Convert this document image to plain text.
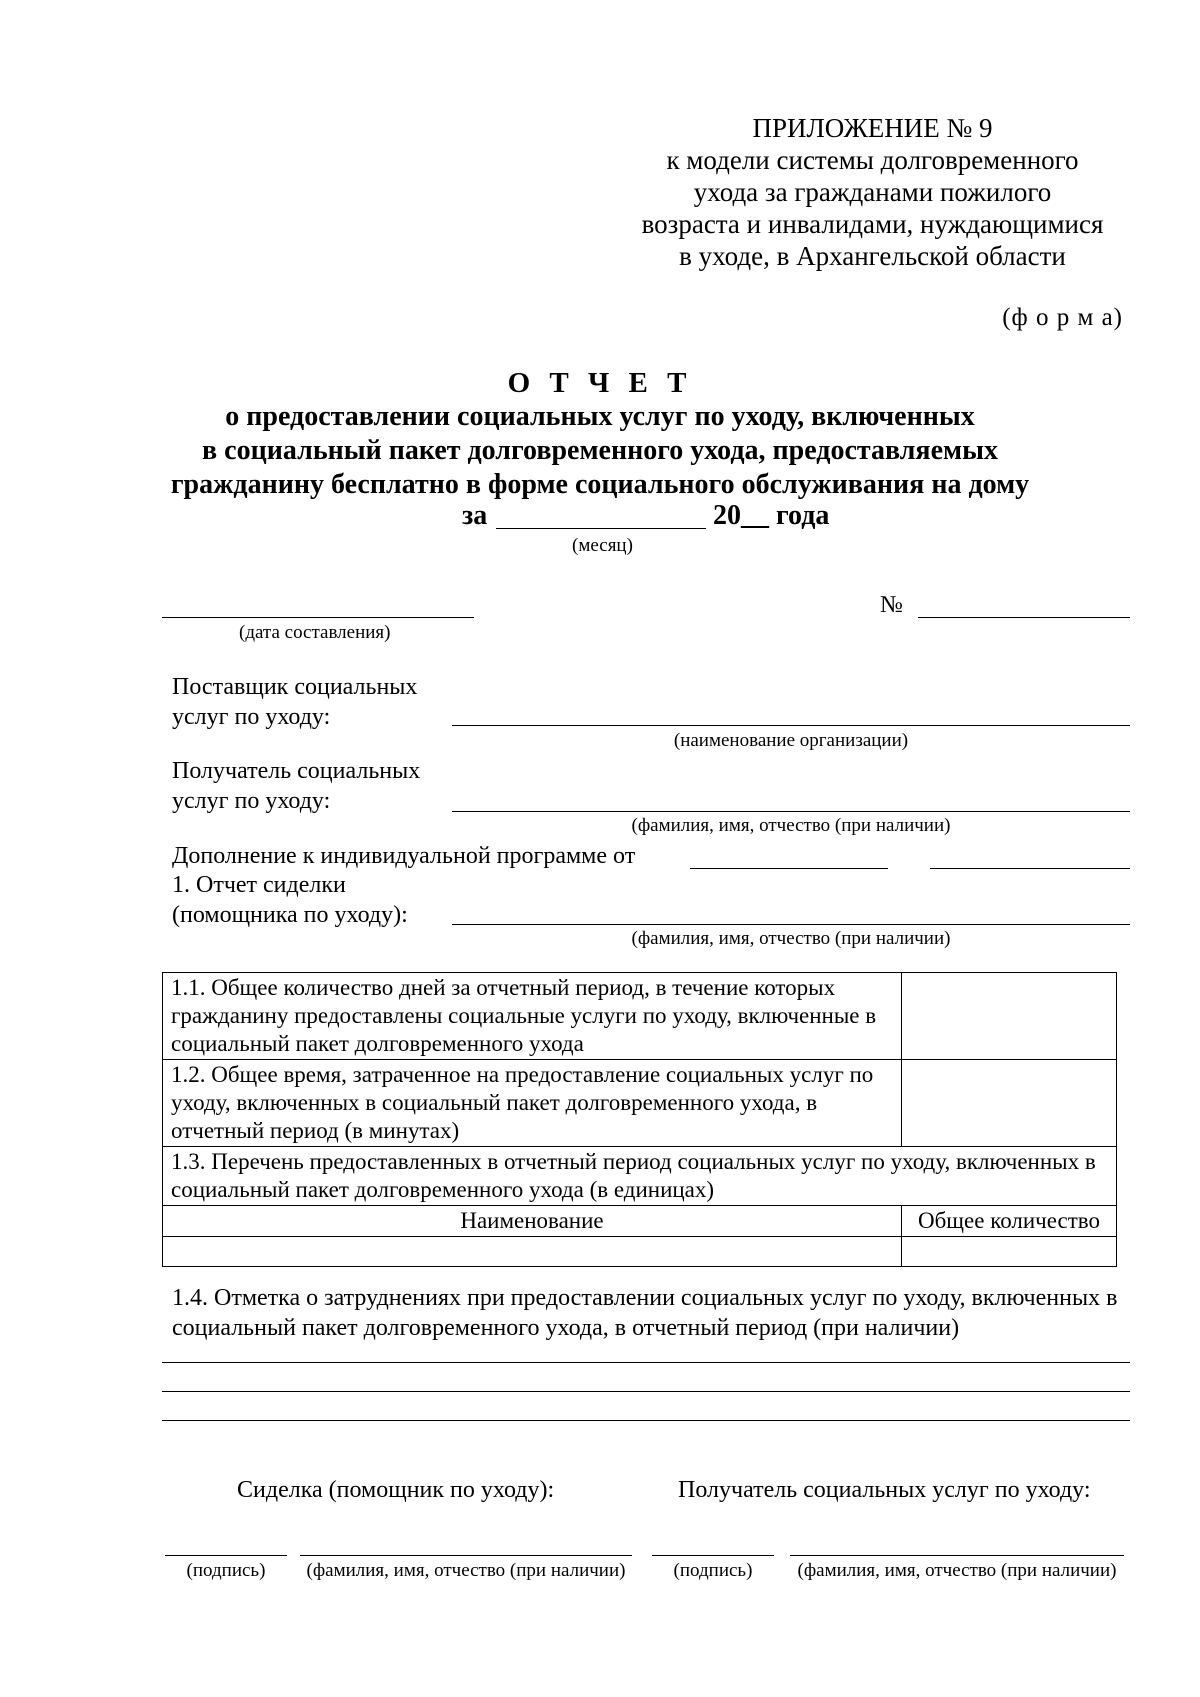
ПРИЛОЖЕНИЕ № 9
к модели системы долговременного
ухода за гражданами пожилого
возраста и инвалидами, нуждающимися
в уходе, в Архангельской области
(ф о р м а)
О Т Ч Е Т
о предоставлении социальных услуг по уходу, включенных
в социальный пакет долговременного ухода, предоставляемых
гражданину бесплатно в форме социального обслуживания на дому
за	20__ года
(месяц)
(дата составления)
№
Поставщик социальных
услуг по уходу:
(наименование организации)
Получатель социальных
услуг по уходу:
(фамилия, имя, отчество (при наличии)
Дополнение к индивидуальной программе от
1. Отчет сиделки
(помощника по уходу):
(фамилия, имя, отчество (при наличии)
1.1. Общее количество дней за отчетный период, в течение которых гражданину предоставлены социальные услуги по уходу, включенные в социальный пакет долговременного ухода	
1.2. Общее время, затраченное на предоставление социальных услуг по уходу, включенных в социальный пакет долговременного ухода, в отчетный период (в минутах)	
1.3. Перечень предоставленных в отчетный период социальных услуг по уходу, включенных в социальный пакет долговременного ухода (в единицах)	
Наименование	Общее количество

1.4. Отметка о затруднениях при предоставлении социальных услуг по уходу, включенных в социальный пакет долговременного ухода, в отчетный период (при наличии)
Сиделка (помощник по уходу):	Получатель социальных услуг по уходу:
(подпись)	(фамилия, имя, отчество (при наличии)	(подпись)	(фамилия, имя, отчество (при наличии)
